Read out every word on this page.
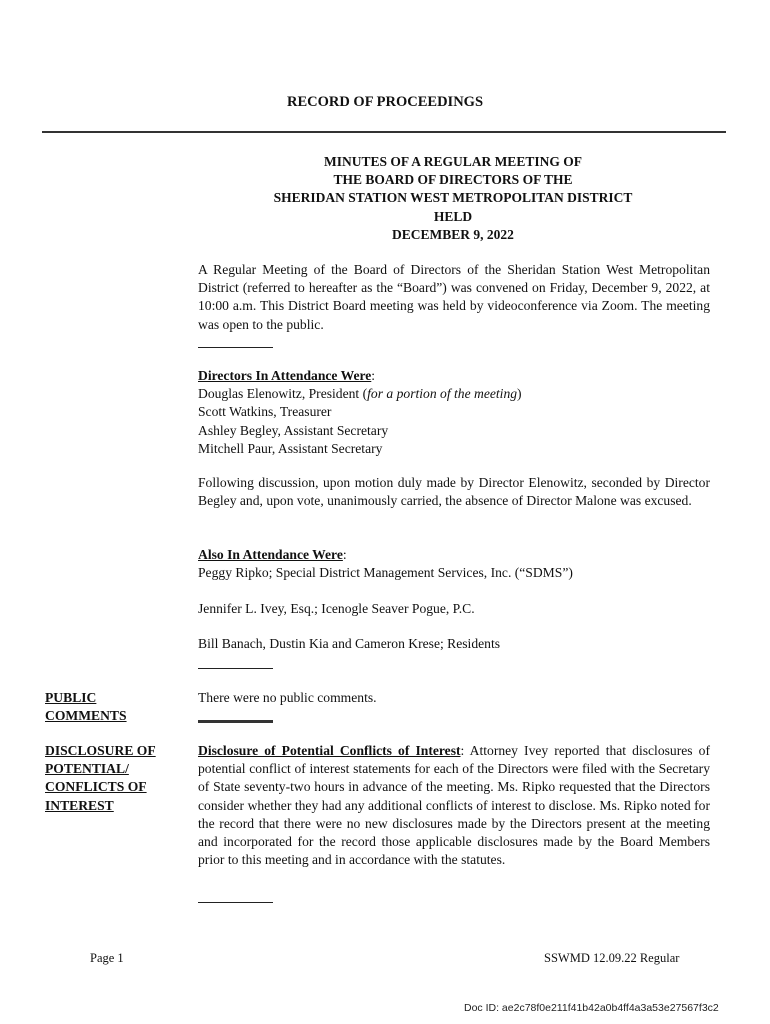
RECORD OF PROCEEDINGS
MINUTES OF A REGULAR MEETING OF
THE BOARD OF DIRECTORS OF THE
SHERIDAN STATION WEST METROPOLITAN DISTRICT
HELD
DECEMBER 9, 2022
A Regular Meeting of the Board of Directors of the Sheridan Station West Metropolitan District (referred to hereafter as the “Board”) was convened on Friday, December 9, 2022, at 10:00 a.m. This District Board meeting was held by videoconference via Zoom. The meeting was open to the public.
Directors In Attendance Were:
Douglas Elenowitz, President (for a portion of the meeting)
Scott Watkins, Treasurer
Ashley Begley, Assistant Secretary
Mitchell Paur, Assistant Secretary
Following discussion, upon motion duly made by Director Elenowitz, seconded by Director Begley and, upon vote, unanimously carried, the absence of Director Malone was excused.
Also In Attendance Were:
Peggy Ripko; Special District Management Services, Inc. (“SDMS”)
Jennifer L. Ivey, Esq.; Icenogle Seaver Pogue, P.C.
Bill Banach, Dustin Kia and Cameron Krese; Residents
PUBLIC
COMMENTS
There were no public comments.
DISCLOSURE OF
POTENTIAL/
CONFLICTS OF
INTEREST
Disclosure of Potential Conflicts of Interest: Attorney Ivey reported that disclosures of potential conflict of interest statements for each of the Directors were filed with the Secretary of State seventy-two hours in advance of the meeting. Ms. Ripko requested that the Directors consider whether they had any additional conflicts of interest to disclose. Ms. Ripko noted for the record that there were no new disclosures made by the Directors present at the meeting and incorporated for the record those applicable disclosures made by the Board Members prior to this meeting and in accordance with the statutes.
Page 1	SSWMD 12.09.22 Regular
Doc ID: ae2c78f0e211f41b42a0b4ff4a3a53e27567f3c2
